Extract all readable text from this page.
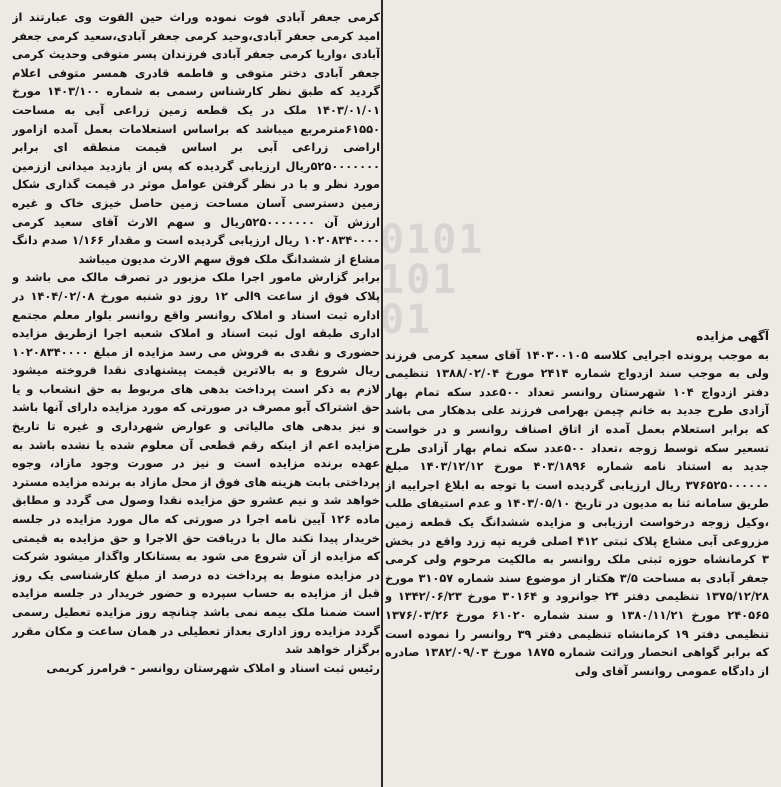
کرمی جعفر آبادی فوت نموده وراث حین الفوت وی عبارتند از امید کرمی جعفر آبادی،وحید کرمی جعفر آبادی،سعید کرمی جعفر آبادی ،واریا کرمی جعفر آبادی فرزندان پسر متوفی وحدیث کرمی جعفر آبادی دختر متوفی و فاطمه قادری همسر متوفی اعلام گردید که طبق نظر کارشناس رسمی به شماره ۱۴۰۳/۱۰۰ مورخ ۱۴۰۳/۰۱/۰۱ ملک در یک قطعه زمین زراعی آبی به مساحت ۶۱۵۵۰مترمربع میباشد که براساس استعلامات بعمل آمده ازامور اراضی زراعی آبی بر اساس قیمت منطقه ای برابر ۵۲۵۰۰۰۰۰۰۰ریال ارزیابی گردیده که پس از بازدید میدانی اززمین مورد نظر و با در نظر گرفتن عوامل موثر در قیمت گذاری شکل زمین دسترسی آسان مساحت زمین حاصل خیزی خاک و غیره ارزش آن ۵۲۵۰۰۰۰۰۰۰ریال و سهم الارث آقای سعید کرمی ۱۰۲۰۸۳۴۰۰۰۰ ریال ارزیابی گردیده است و مقدار ۱/۱۶۶ صدم دانگ مشاع از ششدانگ ملک فوق سهم الارث مدیون میباشد

برابر گزارش مامور اجرا ملک مزبور در تصرف مالک می باشد و پلاک فوق از ساعت ۹الی ۱۲ روز دو شنبه مورخ ۱۴۰۴/۰۲/۰۸ در اداره ثبت اسناد و املاک روانسر واقع روانسر بلوار معلم مجتمع اداری طبقه اول ثبت اسناد و املاک شعبه اجرا ازطریق مزایده حضوری و نقدی به فروش می رسد مزایده از مبلغ ۱۰۲۰۸۳۴۰۰۰۰ ریال شروع و به بالاترین قیمت پیشنهادی نقدا فروخته میشود لازم به ذکر است پرداخت بدهی های مربوط به حق انشعاب و یا حق اشتراک آبو مصرف در صورتی که مورد مزایده دارای آنها باشد و نیز بدهی های مالیاتی و عوارض شهرداری و غیره تا تاریخ مزایده اعم از اینکه رقم قطعی آن معلوم شده یا نشده باشد به عهده برنده مزایده است و نیز در صورت وجود مازاد، وجوه پرداختی بابت هزینه های فوق از محل مازاد به برنده مزایده مسترد خواهد شد و نیم عشرو حق مزایده نقدا وصول می گردد و مطابق ماده ۱۲۶ آیین نامه اجرا در صورتی که مال مورد مزایده در جلسه خریدار پیدا نکند مال با دریافت حق الاجرا و حق مزایده به قیمتی که مزایده از آن شروع می شود به بستانکار واگذار میشود شرکت در مزایده منوط به پرداخت ده درصد از مبلغ کارشناسی یک روز قبل از مزایده به حساب سپرده و حضور خریدار در جلسه مزایده است ضمنا ملک بیمه نمی باشد چنانچه روز مزایده تعطیل رسمی گردد مزایده روز اداری بعداز تعطیلی در همان ساعت و مکان مقرر برگزار خواهد شد

رئیس ثبت اسناد و املاک شهرستان روانسر - فرامرز کریمی

آگهی مزایده

به موجب پرونده اجرایی کلاسه ۱۴۰۳۰۰۱۰۵ آقای سعید کرمی فرزند ولی به موجب سند ازدواج شماره ۲۴۱۴ مورخ ۱۳۸۸/۰۲/۰۴ تنظیمی دفتر ازدواج ۱۰۴ شهرستان روانسر تعداد ۵۰۰عدد سکه تمام بهار آزادی طرح جدید به خانم چیمن بهرامی فرزند علی بدهکار می باشد که برابر استعلام بعمل آمده از اتاق اصناف روانسر و در خواست تسعیر سکه توسط زوجه ،تعداد ۵۰۰عدد سکه تمام بهار آزادی طرح جدید به استناد نامه شماره ۴۰۳/۱۸۹۶ مورخ ۱۴۰۳/۱۲/۱۲ مبلغ ۳۷۶۵۲۵۰۰۰۰۰۰ ریال ارزیابی گردیده است با توجه به ابلاغ اجراییه از طریق سامانه ثنا به مدیون در تاریخ ۱۴۰۳/۰۵/۱۰ و عدم استیفای طلب ،وکیل زوجه درخواست ارزیابی و مزایده ششدانگ یک قطعه زمین مزروعی آبی مشاع پلاک ثبتی ۴۱۲ اصلی قریه تپه زرد واقع در بخش ۳ کرمانشاه حوزه ثبتی ملک روانسر به مالکیت مرحوم ولی کرمی جعفر آبادی به مساحت ۳/۵ هکتار از موضوع سند شماره ۳۱۰۵۷ مورخ ۱۳۷۵/۱۲/۲۸ تنظیمی دفتر ۲۴ جوانرود و ۳۰۱۶۴ مورخ ۱۳۴۲/۰۶/۲۳ و ۲۴۰۵۶۵ مورخ ۱۳۸۰/۱۱/۲۱ و سند شماره ۶۱۰۲۰ مورخ ۱۳۷۶/۰۳/۲۶ تنظیمی دفتر ۱۹ کرمانشاه تنظیمی دفتر ۳۹ روانسر را نموده است که برابر گواهی انحصار وراثت شماره ۱۸۷۵ مورخ ۱۳۸۲/۰۹/۰۳ صادره از دادگاه عمومی روانسر آقای ولی
